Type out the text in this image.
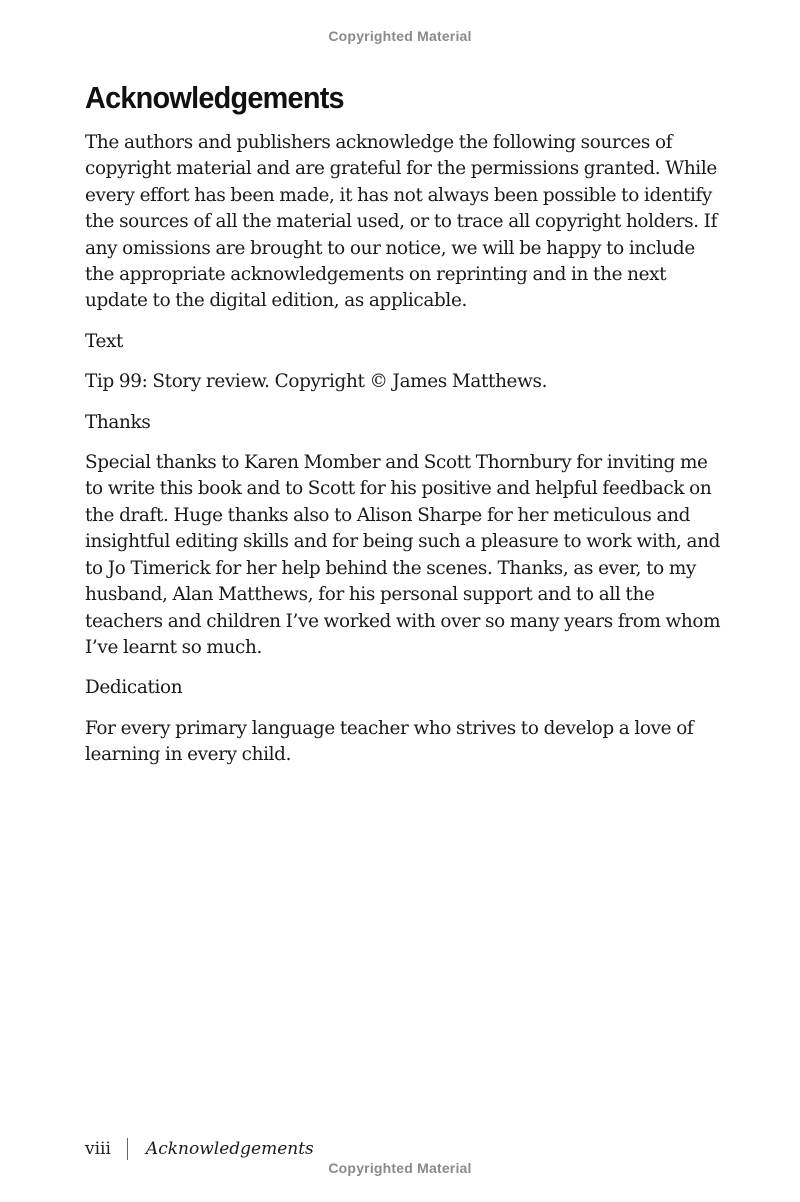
Copyrighted Material
Acknowledgements

The authors and publishers acknowledge the following sources of copyright material and are grateful for the permissions granted. While every effort has been made, it has not always been possible to identify the sources of all the material used, or to trace all copyright holders. If any omissions are brought to our notice, we will be happy to include the appropriate acknowledgements on reprinting and in the next update to the digital edition, as applicable.

Text

Tip 99: Story review. Copyright © James Matthews.

Thanks

Special thanks to Karen Momber and Scott Thornbury for inviting me to write this book and to Scott for his positive and helpful feedback on the draft. Huge thanks also to Alison Sharpe for her meticulous and insightful editing skills and for being such a pleasure to work with, and to Jo Timerick for her help behind the scenes. Thanks, as ever, to my husband, Alan Matthews, for his personal support and to all the teachers and children I’ve worked with over so many years from whom I’ve learnt so much.

Dedication

For every primary language teacher who strives to develop a love of learning in every child.

viii Acknowledgements
Copyrighted Material
